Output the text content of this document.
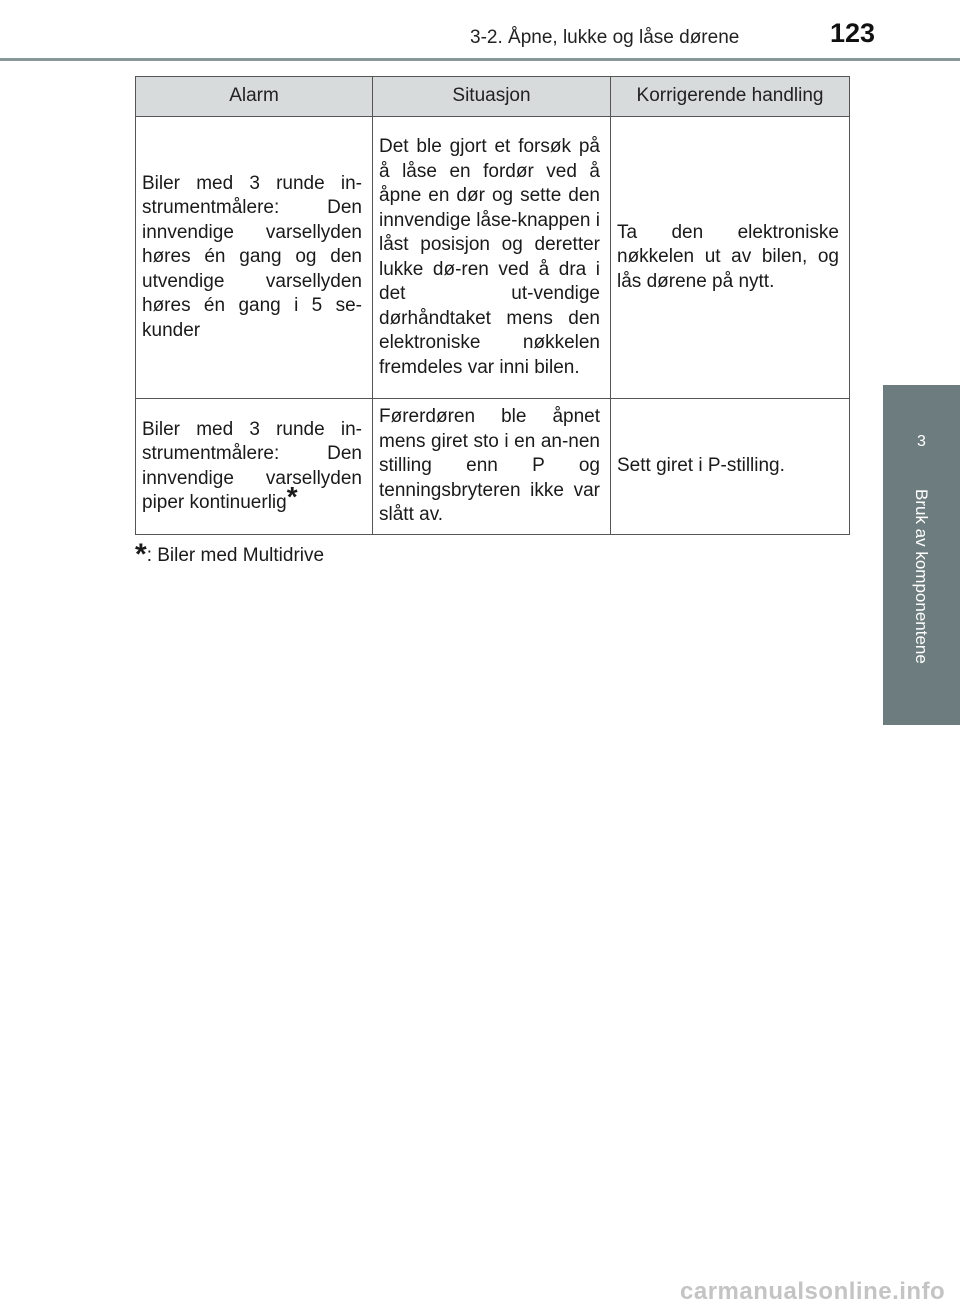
3-2. Åpne, lukke og låse dørene	123
3
Bruk av komponentene
Alarm	Situasjon	Korrigerende handling
Biler med 3 runde in-strumentmålere: Den innvendige varsellyden høres én gang og den utvendige varsellyden høres én gang i 5 se-kunder	Det ble gjort et forsøk på å låse en fordør ved å åpne en dør og sette den innvendige låse-knappen i låst posisjon og deretter lukke dø-ren ved å dra i det ut-vendige dørhåndtaket mens den elektroniske nøkkelen fremdeles var inni bilen.	Ta den elektroniske nøkkelen ut av bilen, og lås dørene på nytt.
Biler med 3 runde in-strumentmålere: Den innvendige varsellyden piper kontinuerlig*	Førerdøren ble åpnet mens giret sto i en an-nen stilling enn P og tenningsbryteren ikke var slått av.	Sett giret i P-stilling.
*: Biler med Multidrive
carmanualsonline.info
